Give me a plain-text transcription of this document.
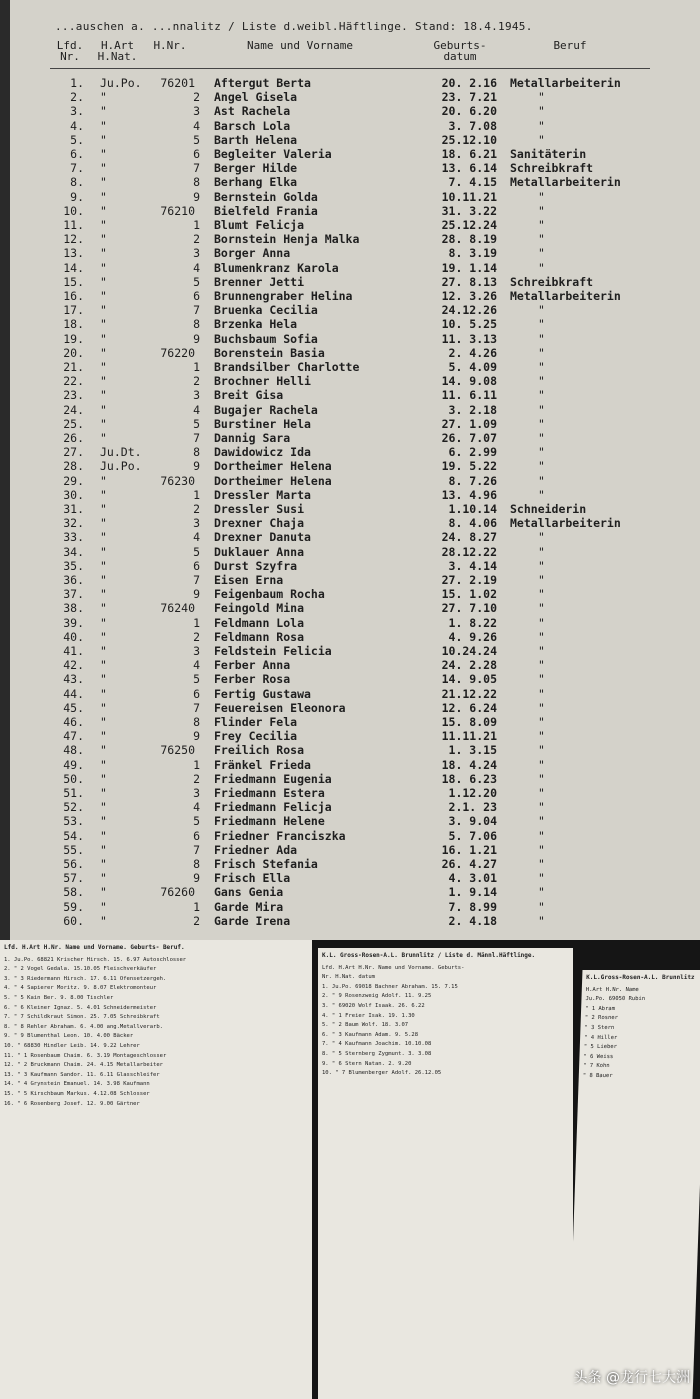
...auschen a. ...nnalitz / Liste d.weibl.Häftlinge. Stand: 18.4.1945.
Lfd. Nr.
H.Art H.Nat.
H.Nr.	Name und Vorname	Geburts- datum
Beruf
1. Ju.Po. 76201 Aftergut Berta	20. 2.16 Metallarbeiterin
2. "	2 Angel Gisela	23. 7.21	"
3. "	3 Ast Rachela	20. 6.20	"
4. "	4 Barsch Lola	3. 7.08	"
5. "	5 Barth Helena	25.12.10	"
6. "	6 Begleiter Valeria	18. 6.21 Sanitäterin
7. "	7 Berger Hilde	13. 6.14 Schreibkraft
8. "	8 Berhang Elka	7. 4.15 Metallarbeiterin
9. "	9 Bernstein Golda	10.11.21	"
10. "	76210 Bielfeld Frania	31. 3.22	"
11. "	1 Blumt Felicja	25.12.24	"
12. "	2 Bornstein Henja Malka	28. 8.19	"
13. "	3 Borger Anna	8. 3.19	"
14. "	4 Blumenkranz Karola	19. 1.14	"
15. "	5 Brenner Jetti	27. 8.13 Schreibkraft
16. "	6 Brunnengraber Helina	12. 3.26 Metallarbeiterin
17. "	7 Bruenka Cecilia	24.12.26	"
18. "	8 Brzenka Hela	10. 5.25	"
19. "	9 Buchsbaum Sofia	11. 3.13	"
20. "	76220 Borenstein Basia	2. 4.26	"
21. "	1 Brandsilber Charlotte	5. 4.09	"
22. "	2 Brochner Helli	14. 9.08	"
23. "	3 Breit Gisa	11. 6.11	"
24. "	4 Bugajer Rachela	3. 2.18	"
25. "	5 Burstiner Hela	27. 1.09	"
26. "	7 Dannig Sara	26. 7.07	"
27. Ju.Dt.	8 Dawidowicz Ida	6. 2.99	"
28. Ju.Po.	9 Dortheimer Helena	19. 5.22	"
29. "	76230 Dortheimer Helena	8. 7.26	"
30. "	1 Dressler Marta	13. 4.96	"
31. "	2 Dressler Susi	1.10.14 Schneiderin
32. "	3 Drexner Chaja	8. 4.06 Metallarbeiterin
33. "	4 Drexner Danuta	24. 8.27	"
34. "	5 Duklauer Anna	28.12.22	"
35. "	6 Durst Szyfra	3. 4.14	"
36. "	7 Eisen Erna	27. 2.19	"
37. "	9 Feigenbaum Rocha	15. 1.02	"
38. "	76240 Feingold Mina	27. 7.10	"
39. "	1 Feldmann Lola	1. 8.22	"
40. "	2 Feldmann Rosa	4. 9.26	"
41. "	3 Feldstein Felicia	10.24.24	"
42. "	4 Ferber Anna	24. 2.28	"
43. "	5 Ferber Rosa	14. 9.05	"
44. "	6 Fertig Gustawa	21.12.22	"
45. "	7 Feuereisen Eleonora	12. 6.24	"
46. "	8 Flinder Fela	15. 8.09	"
47. "	9 Frey Cecilia	11.11.21	"
48. "	76250 Freilich Rosa	1. 3.15	"
49. "	1 Fränkel Frieda	18. 4.24	"
50. "	2 Friedmann Eugenia	18. 6.23	"
51. "	3 Friedmann Estera	1.12.20	"
52. "	4 Friedmann Felicja	2.1. 23	"
53. "	5 Friedmann Helene	3. 9.04	"
54. "	6 Friedner Franciszka	5. 7.06	"
55. "	7 Friedner Ada	16. 1.21	"
56. "	8 Frisch Stefania	26. 4.27	"
57. "	9 Frisch Ella	4. 3.01	"
58. "	76260 Gans Genia	1. 9.14	"
59. "	1 Garde Mira	7. 8.99	"
60. "	2 Garde Irena	2. 4.18	"
Lfd. H.Art H.Nr. Name und Vorname. Geburts- Beruf.
1. Ju.Po. 68821 Krischer Hirsch. 15. 6.97 Autoschlosser
2. " 2 Vogel Gedala. 15.10.05 Fleischverkäufer
3. " 3 Riedermann Hirsch. 17. 6.11 Ofensetzergeh.
4. " 4 Sapierer Moritz. 9. 8.07 Elektromonteur
5. " 5 Kain Ber. 9. 8.00 Tischler
6. " 6 Kleiner Ignaz. 5. 4.01 Schneidermeister
7. " 7 Schildkraut Simon. 25. 7.05 Schreibkraft
8. " 8 Rehler Abraham. 6. 4.00 ang.Metallverarb.
9. " 9 Blumenthal Leon. 10. 4.00 Bäcker
10. " 68830 Hindler Leib. 14. 9.22 Lehrer
11. " 1 Rosenbaum Chaim. 6. 3.19 Montageschlosser
12. " 2 Bruckmann Chaim. 24. 4.15 Metallarbeiter
13. " 3 Kaufmann Sandor. 11. 6.11 Glasschleifer
14. " 4 Grynstein Emanuel. 14. 3.98 Kaufmann
15. " 5 Kirschbaum Markus. 4.12.08 Schlosser
16. " 6 Rosenberg Josef. 12. 9.00 Gärtner
K.L. Gross-Rosen-A.L. Brunnlitz / Liste d. Männl.Häftlinge.
Lfd. H.Art H.Nr. Name und Vorname. Geburts-
Nr. H.Nat. datum
1. Ju.Po. 69018 Bachner Abraham. 15. 7.15
2. " 9 Rosenzweig Adolf. 11. 9.25
3. " 69020 Wolf Isaak. 26. 6.22
4. " 1 Freier Isak. 19. 1.30
5. " 2 Baum Wolf. 18. 3.07
6. " 3 Kaufmann Adam. 9. 5.28
7. " 4 Kaufmann Joachim. 10.10.08
8. " 5 Sternberg Zygmunt. 3. 3.08
9. " 6 Stern Natan. 2. 9.20
10. " 7 Blumenberger Adolf. 26.12.05
K.L.Gross-Rosen-A.L. Brunnlitz
H.Art H.Nr. Name
Ju.Po. 69050 Rubin
" 1 Abram
" 2 Rosner
" 3 Stern
" 4 Hiller
" 5 Lieber
" 6 Weiss
" 7 Kohn
" 8 Bauer
头条 @龙行七大洲
